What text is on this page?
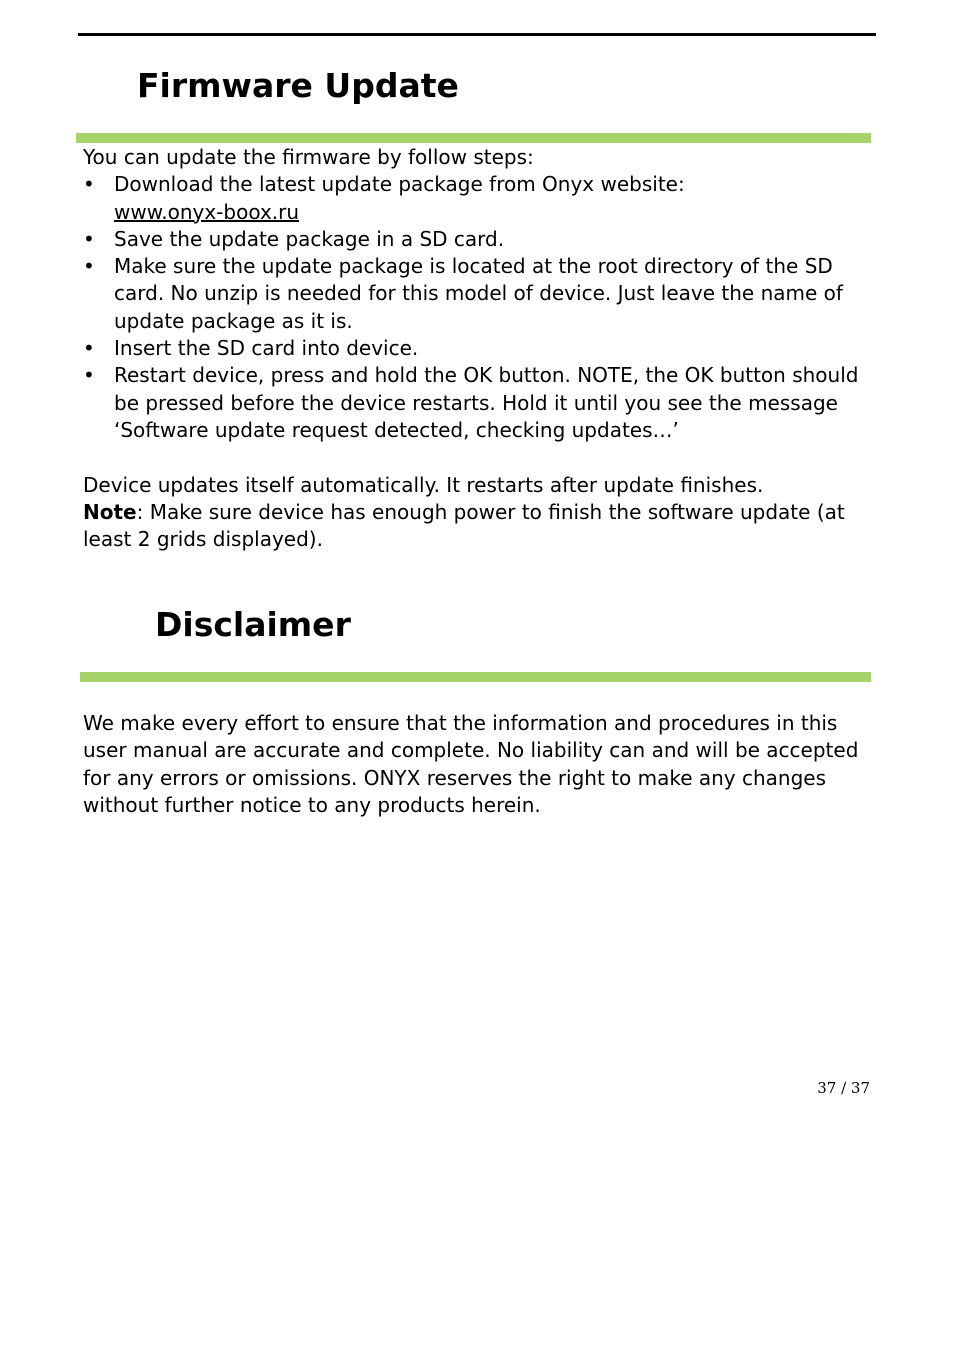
Firmware Update

You can update the firmware by follow steps:

• Download the latest update package from Onyx website:
www.onyx-boox.ru
• Save the update package in a SD card.
• Make sure the update package is located at the root directory of the SD card. No unzip is needed for this model of device. Just leave the name of update package as it is.
• Insert the SD card into device.
• Restart device, press and hold the OK button. NOTE, the OK button should be pressed before the device restarts. Hold it until you see the message ‘Software update request detected, checking updates…’

Device updates itself automatically. It restarts after update finishes.

Note: Make sure device has enough power to finish the software update (at least 2 grids displayed).

Disclaimer

We make every effort to ensure that the information and procedures in this user manual are accurate and complete. No liability can and will be accepted for any errors or omissions. ONYX reserves the right to make any changes without further notice to any products herein.

37 / 37
